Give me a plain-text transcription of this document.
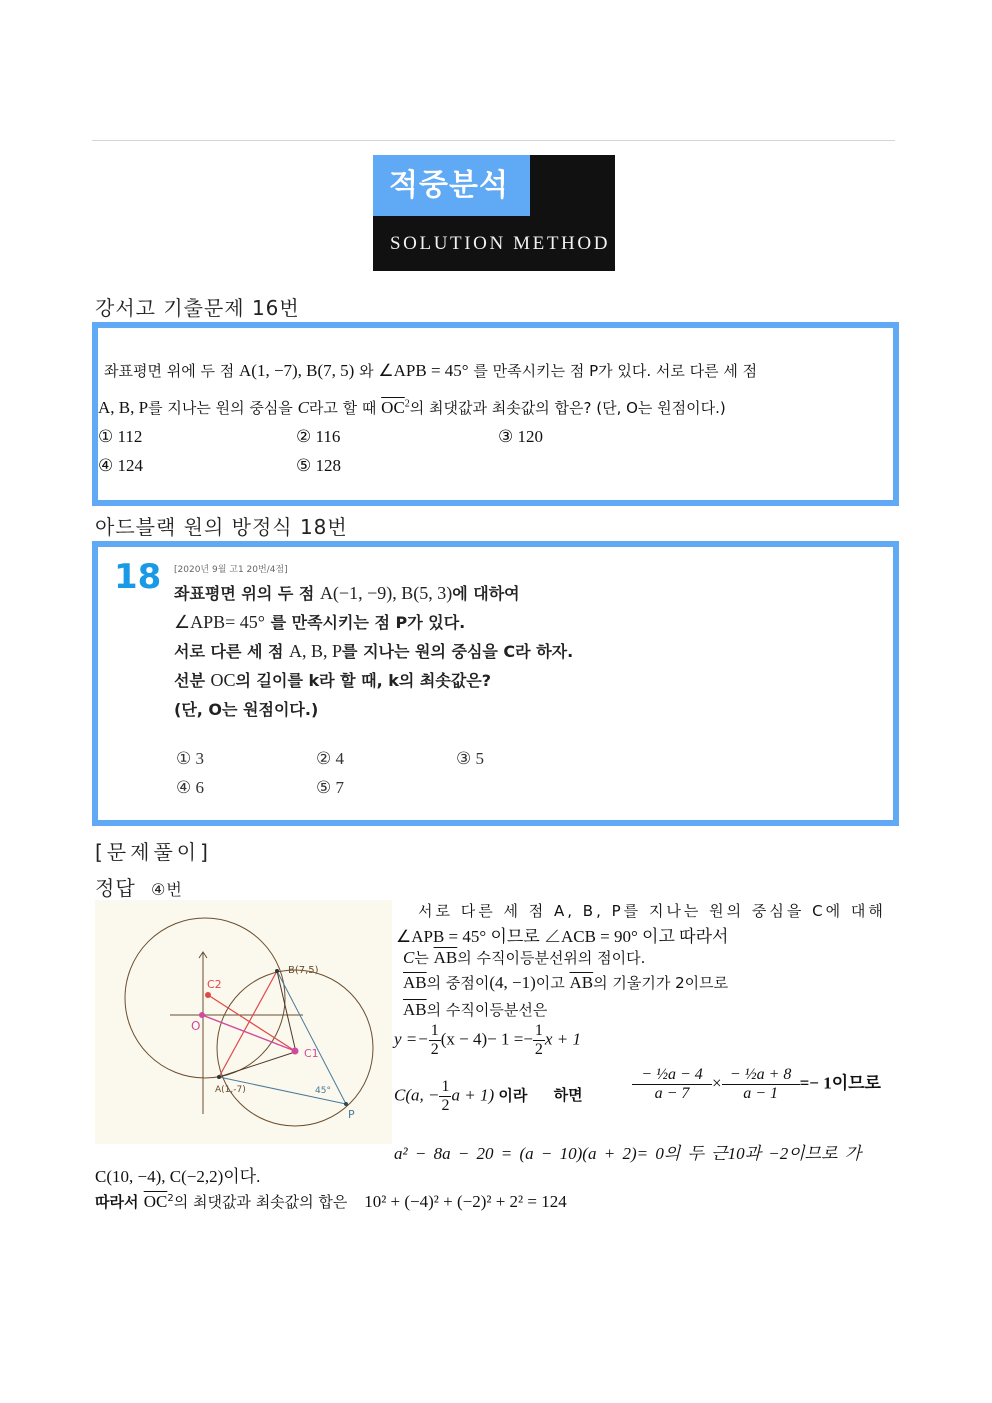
적중분석
SOLUTION METHOD
강서고 기출문제 16번
좌표평면 위에 두 점 A(1, −7), B(7, 5) 와 ∠APB = 45° 를 만족시키는 점 P가 있다. 서로 다른 세 점
A, B, P를 지나는 원의 중심을 C라고 할 때 $\overline{OC}^2$의 최댓값과 최솟값의 합은? (단, O는 원점이다.)
① 112	② 116	③ 120
④ 124	⑤ 128
아드블랙 원의 방정식 18번
18 [2020년 9월 고1 20번/4점]
좌표평면 위의 두 점 A(−1, −9), B(5, 3)에 대하여
∠APB= 45° 를 만족시키는 점 P가 있다.
서로 다른 세 점 A, B, P를 지나는 원의 중심을 C라 하자.
선분 OC의 길이를 k라 할 때, k의 최솟값은?
(단, O는 원점이다.)
① 3	② 4	③ 5
④ 6	⑤ 7
[문제풀이]
정답 ④번
B(7,5)
A(1,-7)
C2
C1
O
P
45°
서로 다른 세 점 A, B, P를 지나는 원의 중심을 C에 대해
∠APB = 45° 이므로 ∠ACB = 90° 이고 따라서
C는 $\overline{AB}$의 수직이등분선위의 점이다.
$\overline{AB}$의 중점이(4, −1)이고 $\overline{AB}$의 기울기가 2이므로
$\overline{AB}$의 수직이등분선은
$y =- \frac{1}{2} (x - 4)- 1 =- \frac{1}{2}$ x + 1
C(a, − $\frac{1}{2}$ a + 1) 이라 하면	$\frac{\text{− ½a − 4}}{a - 7} \times \frac{\text{− ½a + 8}}{a - 1} =- 1$이므로
a² − 8a − 20 = (a − 10)(a + 2)= 0의 두 근10과 −2이므로 가
C(10, −4), C(−2,2)이다.
따라서 $\overline{OC}^2$의 최댓값과 최솟값의 합은 10² + (−4)² + (−2)² + 2² = 124
